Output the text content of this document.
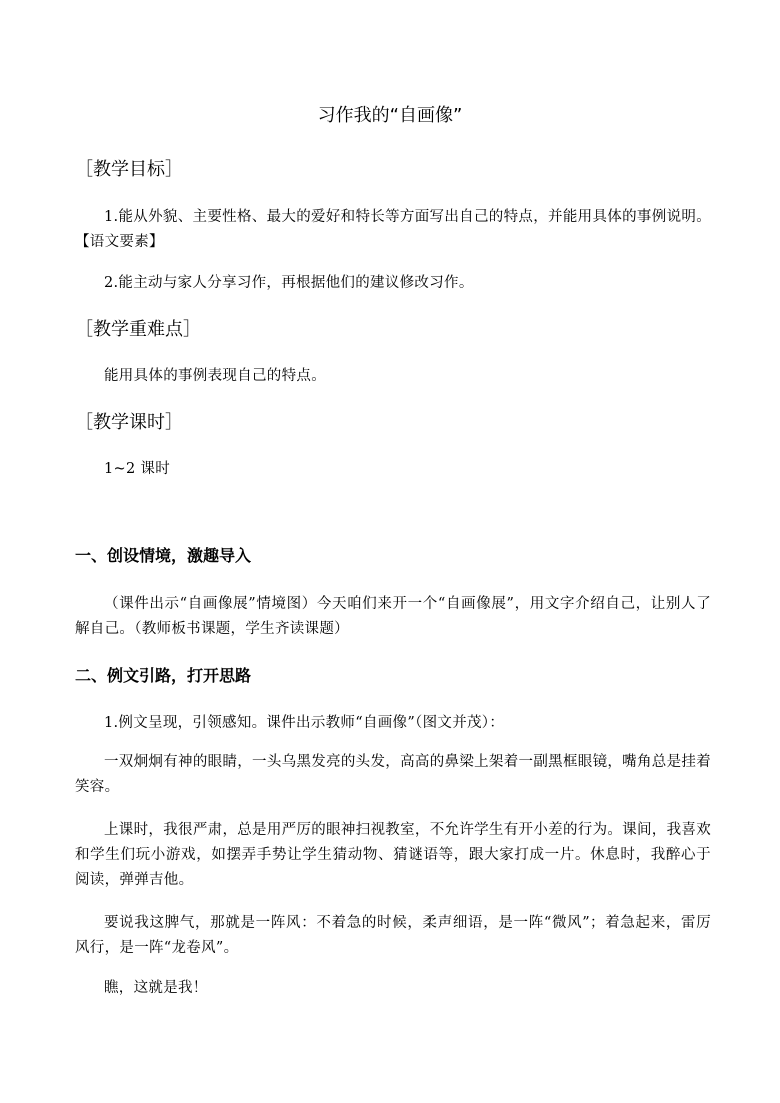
习作我的“自画像”
［教学目标］

1.能从外貌、主要性格、最大的爱好和特长等方面写出自己的特点，并能用具体的事例说明。【语文要素】

2.能主动与家人分享习作，再根据他们的建议修改习作。

［教学重难点］

能用具体的事例表现自己的特点。

［教学课时］

1~2 课时

一、创设情境，激趣导入

（课件出示“自画像展”情境图）今天咱们来开一个“自画像展”，用文字介绍自己，让别人了解自己。（教师板书课题，学生齐读课题）

二、例文引路，打开思路

1.例文呈现，引领感知。课件出示教师“自画像”（图文并茂）：

一双炯炯有神的眼睛，一头乌黑发亮的头发，高高的鼻梁上架着一副黑框眼镜，嘴角总是挂着笑容。

上课时，我很严肃，总是用严厉的眼神扫视教室，不允许学生有开小差的行为。课间，我喜欢和学生们玩小游戏，如摆弄手势让学生猜动物、猜谜语等，跟大家打成一片。休息时，我醉心于阅读，弹弹吉他。

要说我这脾气，那就是一阵风：不着急的时候，柔声细语，是一阵“微风”；着急起来，雷厉风行，是一阵“龙卷风”。

瞧，这就是我！
